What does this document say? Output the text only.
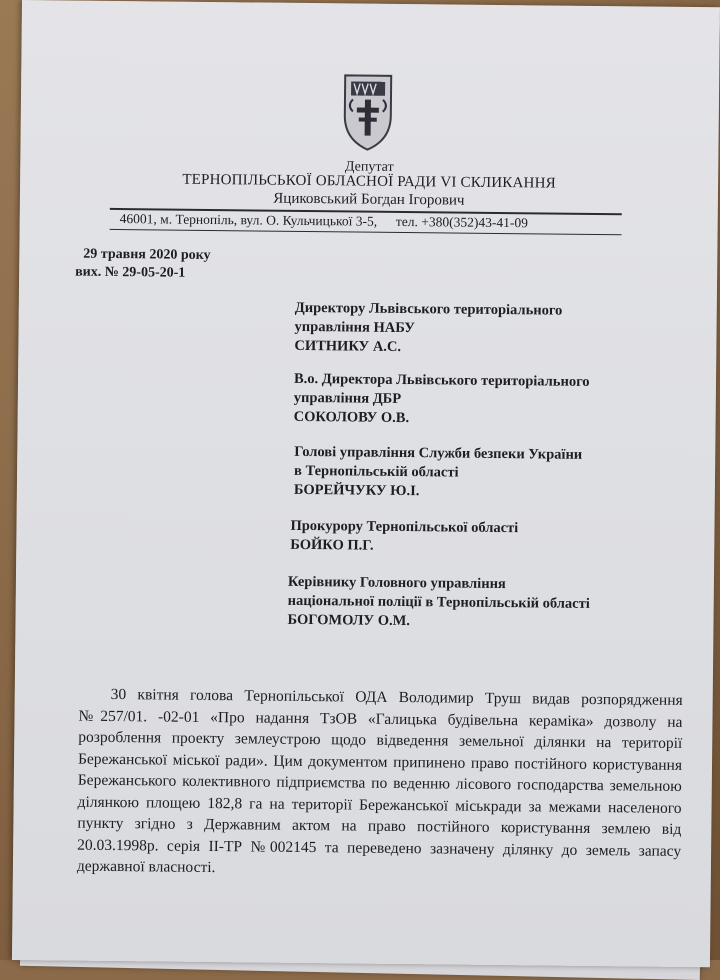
Депутат
ТЕРНОПІЛЬСЬКОЇ ОБЛАСНОЇ РАДИ VI СКЛИКАННЯ
Яциковський Богдан Ігорович
46001, м. Тернопіль, вул. О. Кульчицької 3-5, тел. +380(352)43-41-09
29 травня 2020 року
вих. № 29-05-20-1
Директору Львівського територіального
управління НАБУ
СИТНИКУ А.С.
В.о. Директора Львівського територіального
управління ДБР
СОКОЛОВУ О.В.
Голові управління Служби безпеки України
в Тернопільській області
БОРЕЙЧУКУ Ю.І.
Прокурору Тернопільської області
БОЙКО П.Г.
Керівнику Головного управління
національної поліції в Тернопільській області
БОГОМОЛУ О.М.
30 квітня голова Тернопільської ОДА Володимир Труш видав розпорядження №257/01. -02-01 «Про надання ТзОВ «Галицька будівельна кераміка» дозволу на розроблення проекту землеустрою щодо відведення земельної ділянки на території Бережанської міської ради». Цим документом припинено право постійного користування Бережанського колективного підприємства по веденню лісового господарства земельною ділянкою площею 182,8 га на території Бережанської міськради за межами населеного пункту згідно з Державним актом на право постійного користування землею від 20.03.1998р. серія ІІ-ТР №002145 та переведено зазначену ділянку до земель запасу державної власності.
